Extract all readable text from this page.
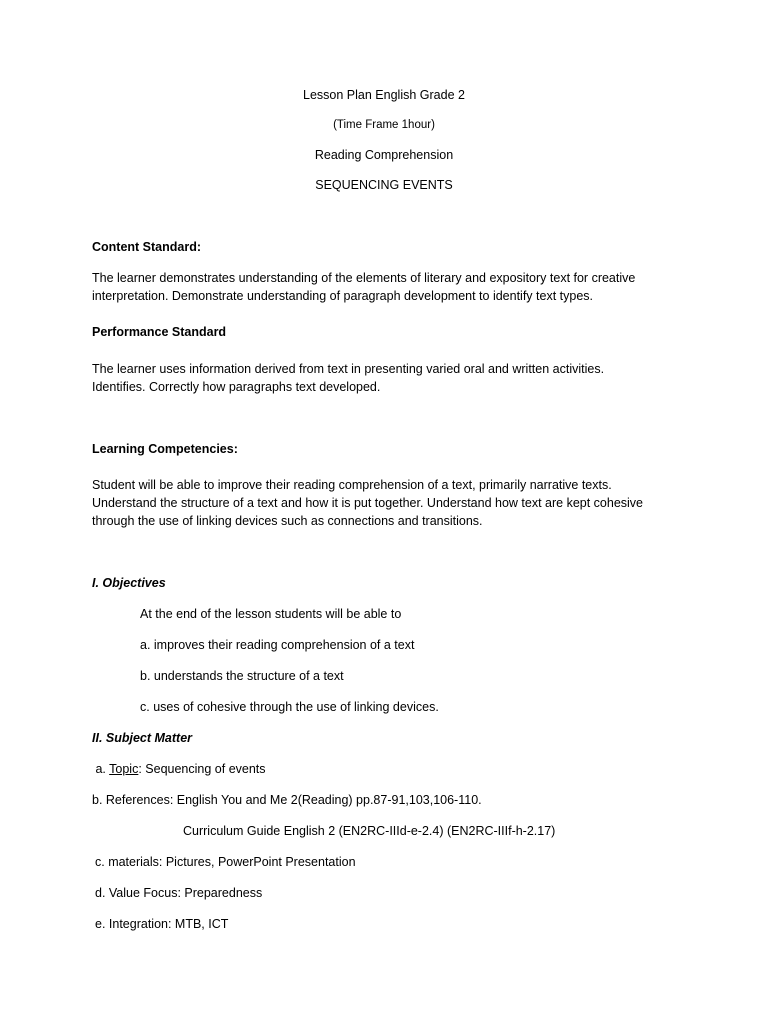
Lesson Plan English Grade 2
(Time Frame 1hour)
Reading Comprehension
SEQUENCING EVENTS
Content Standard:
The learner demonstrates understanding of the elements of literary and expository text for creative
interpretation. Demonstrate understanding of paragraph development to identify text types.
Performance Standard
The learner uses information derived from text in presenting varied oral and written activities.
Identifies. Correctly how paragraphs text developed.
Learning Competencies:
Student will be able to improve their reading comprehension of a text, primarily narrative texts.
Understand the structure of a text and how it is put together. Understand how text are kept cohesive
through the use of linking devices such as connections and transitions.
I. Objectives
At the end of the lesson students will be able to
a. improves their reading comprehension of a text
b. understands the structure of a text
c. uses of cohesive through the use of linking devices.
II. Subject Matter
a. Topic: Sequencing of events
b. References: English You and Me 2(Reading) pp.87-91,103,106-110.
Curriculum Guide English 2 (EN2RC-IIId-e-2.4) (EN2RC-IIIf-h-2.17)
c. materials: Pictures, PowerPoint Presentation
d. Value Focus: Preparedness
e. Integration: MTB, ICT
